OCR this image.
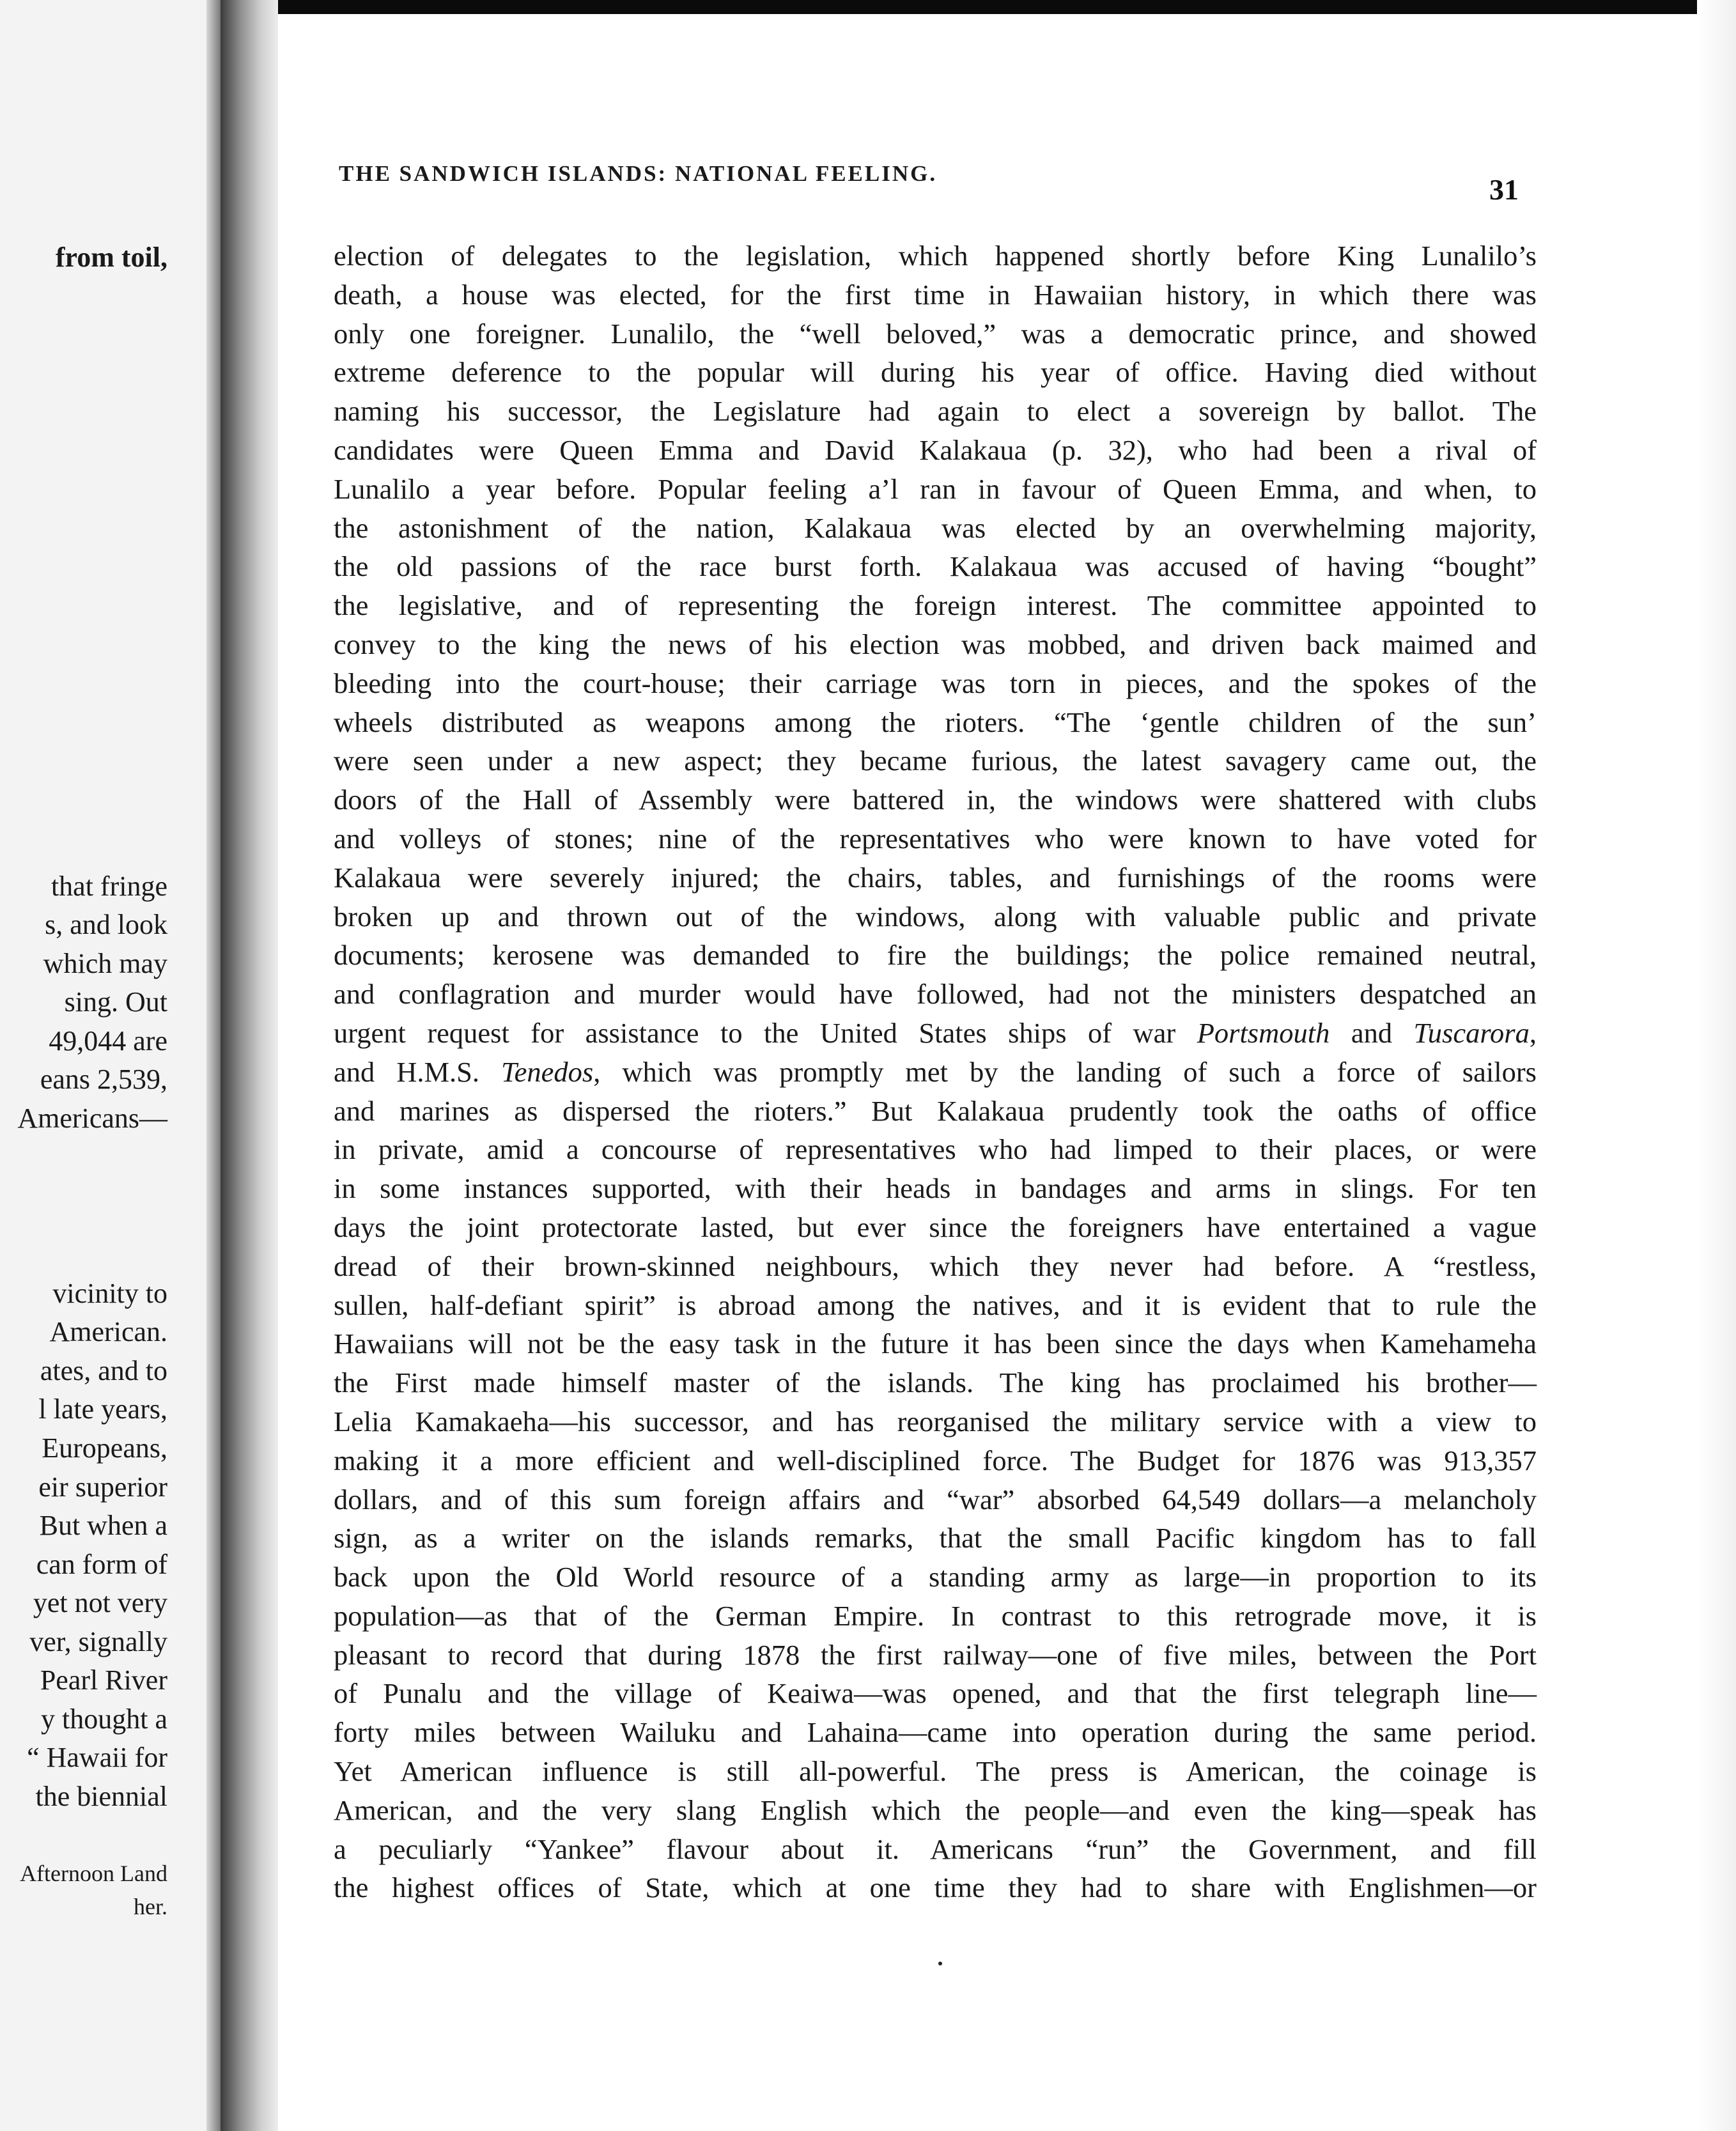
from toil,
that fringe
s, and look
which may
sing. Out
49,044 are
eans 2,539,
Americans—
vicinity to
American.
ates, and to
l late years,
Europeans,
eir superior
But when a
can form of
yet not very
ver, signally
Pearl River
y thought a
“ Hawaii for
the biennial
Afternoon Land
her.
THE SANDWICH ISLANDS: NATIONAL FEELING.	31
election of delegates to the legislation, which happened shortly before King Lunalilo’s
death, a house was elected, for the first time in Hawaiian history, in which there was
only one foreigner. Lunalilo, the “well beloved,” was a democratic prince, and showed
extreme deference to the popular will during his year of office. Having died without
naming his successor, the Legislature had again to elect a sovereign by ballot. The
candidates were Queen Emma and David Kalakaua (p. 32), who had been a rival of
Lunalilo a year before. Popular feeling a’l ran in favour of Queen Emma, and when, to
the astonishment of the nation, Kalakaua was elected by an overwhelming majority,
the old passions of the race burst forth. Kalakaua was accused of having “bought”
the legislative, and of representing the foreign interest. The committee appointed to
convey to the king the news of his election was mobbed, and driven back maimed and
bleeding into the court-house; their carriage was torn in pieces, and the spokes of the
wheels distributed as weapons among the rioters. “The ‘gentle children of the sun’
were seen under a new aspect; they became furious, the latest savagery came out, the
doors of the Hall of Assembly were battered in, the windows were shattered with clubs
and volleys of stones; nine of the representatives who were known to have voted for
Kalakaua were severely injured; the chairs, tables, and furnishings of the rooms were
broken up and thrown out of the windows, along with valuable public and private
documents; kerosene was demanded to fire the buildings; the police remained neutral,
and conflagration and murder would have followed, had not the ministers despatched an
urgent request for assistance to the United States ships of war Portsmouth and Tuscarora,
and H.M.S. Tenedos, which was promptly met by the landing of such a force of sailors
and marines as dispersed the rioters.” But Kalakaua prudently took the oaths of office
in private, amid a concourse of representatives who had limped to their places, or were
in some instances supported, with their heads in bandages and arms in slings. For ten
days the joint protectorate lasted, but ever since the foreigners have entertained a vague
dread of their brown-skinned neighbours, which they never had before. A “restless,
sullen, half-defiant spirit” is abroad among the natives, and it is evident that to rule the
Hawaiians will not be the easy task in the future it has been since the days when Kamehameha
the First made himself master of the islands. The king has proclaimed his brother—
Lelia Kamakaeha—his successor, and has reorganised the military service with a view to
making it a more efficient and well-disciplined force. The Budget for 1876 was 913,357
dollars, and of this sum foreign affairs and “war” absorbed 64,549 dollars—a melancholy
sign, as a writer on the islands remarks, that the small Pacific kingdom has to fall
back upon the Old World resource of a standing army as large—in proportion to its
population—as that of the German Empire. In contrast to this retrograde move, it is
pleasant to record that during 1878 the first railway—one of five miles, between the Port
of Punalu and the village of Keaiwa—was opened, and that the first telegraph line—
forty miles between Wailuku and Lahaina—came into operation during the same period.
Yet American influence is still all-powerful. The press is American, the coinage is
American, and the very slang English which the people—and even the king—speak has
a peculiarly “Yankee” flavour about it. Americans “run” the Government, and fill
the highest offices of State, which at one time they had to share with Englishmen—or
